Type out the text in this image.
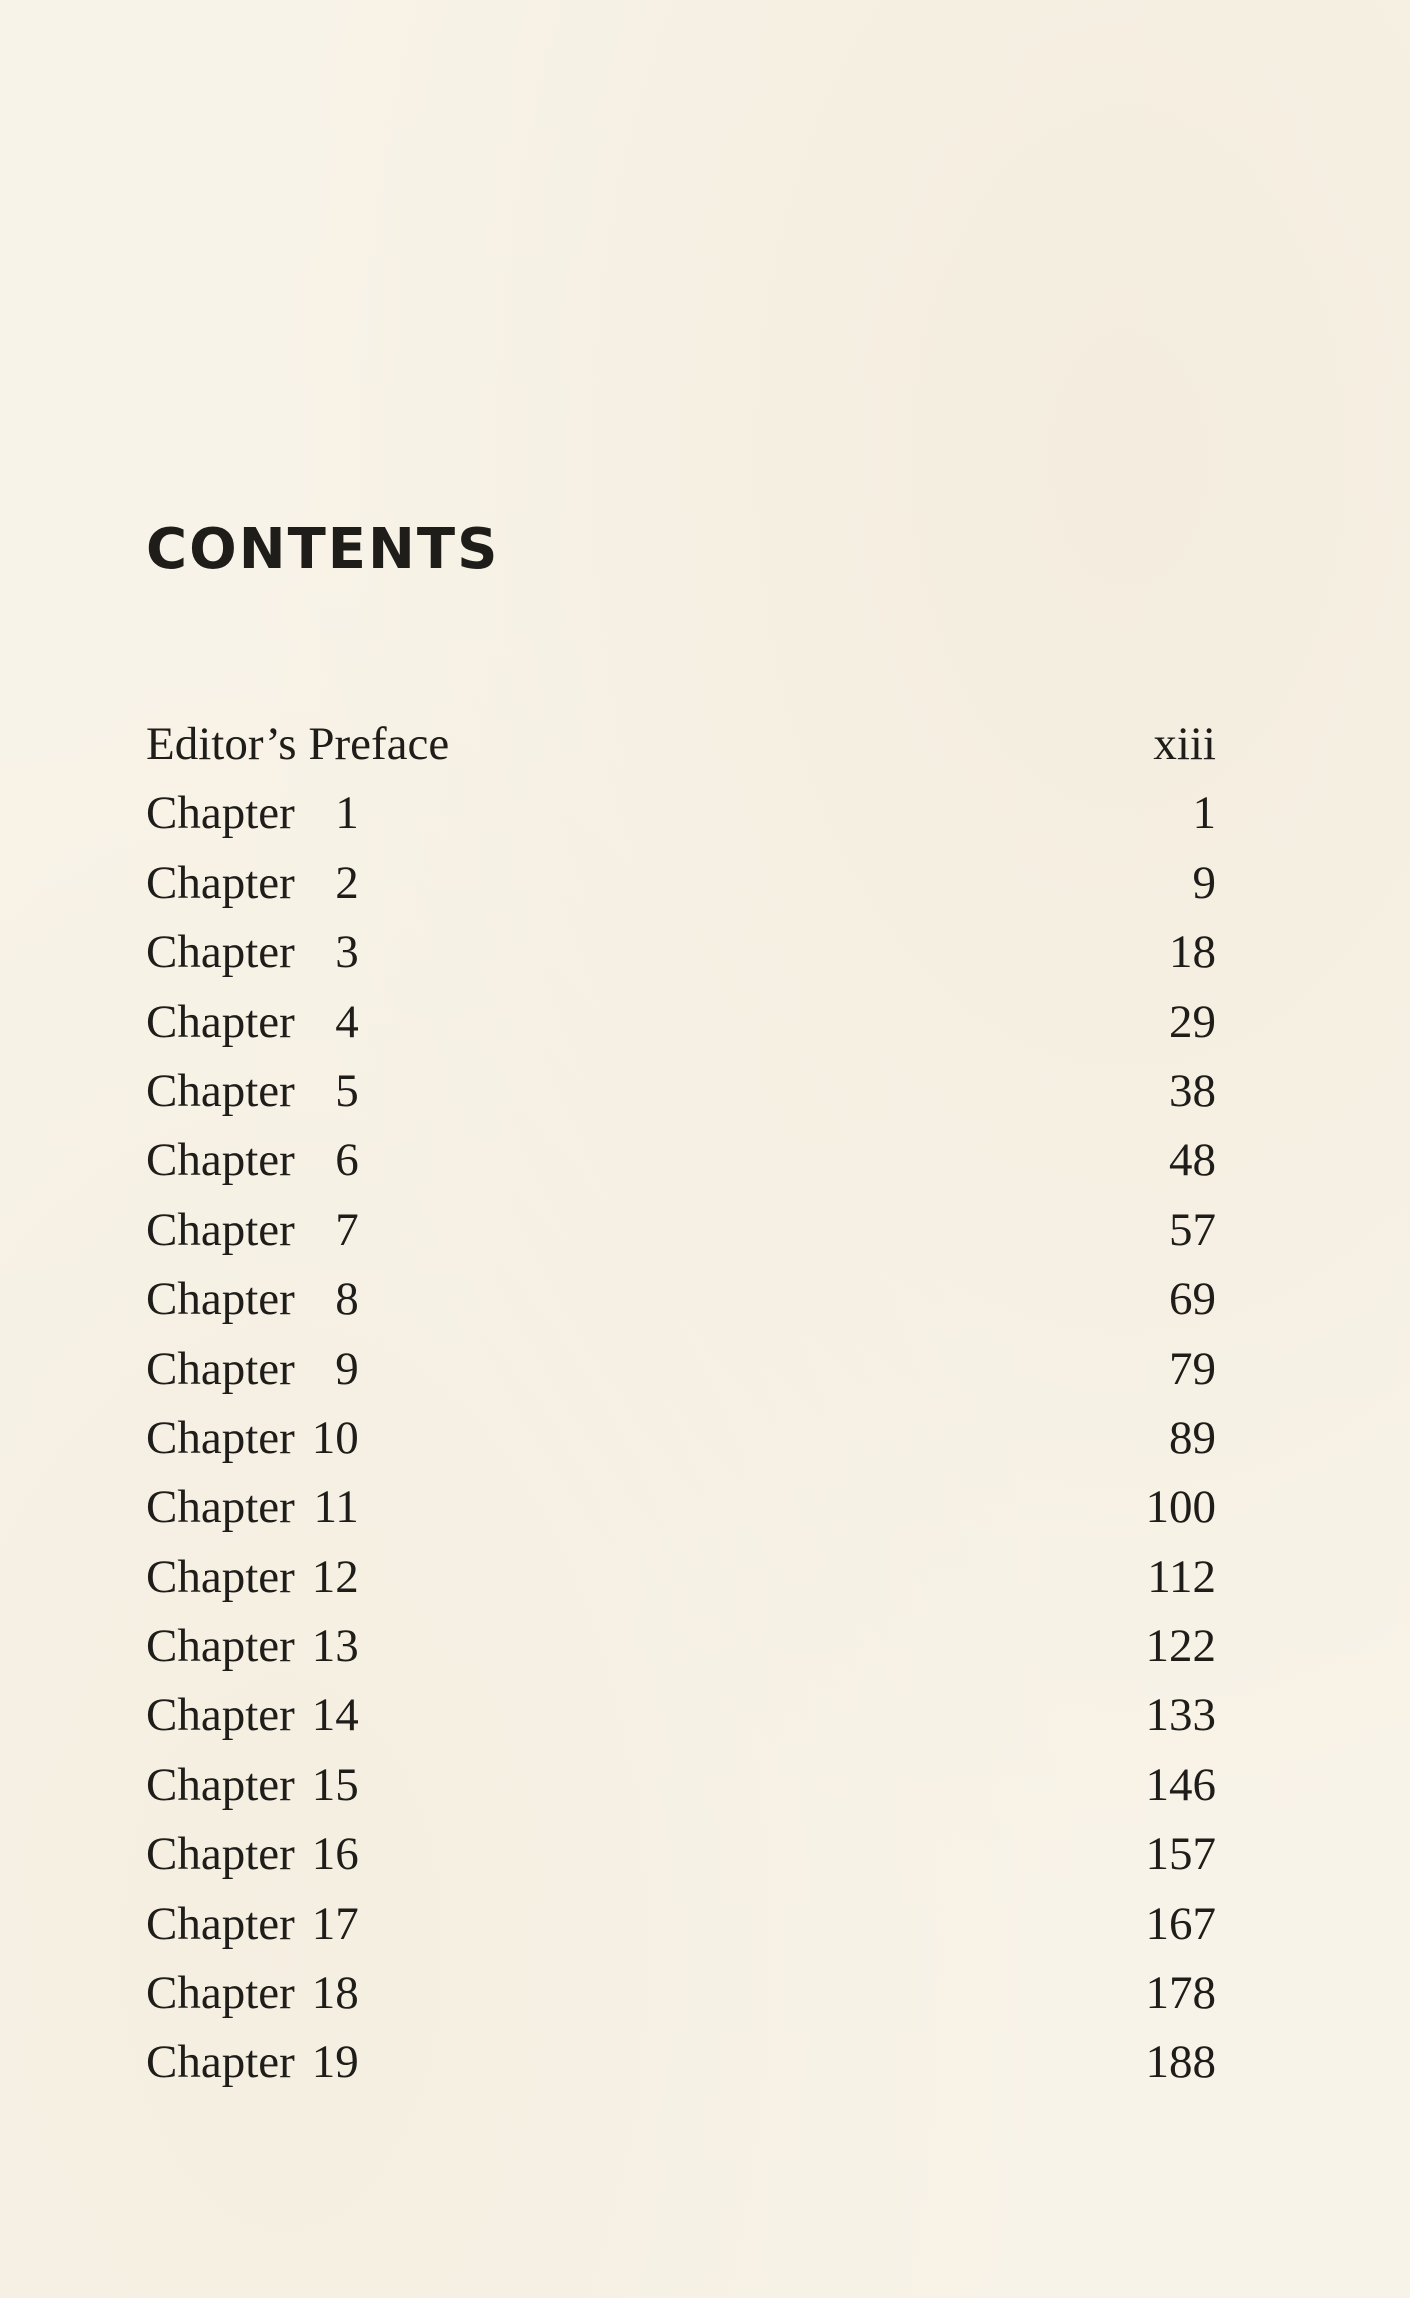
CONTENTS
Editor’s Preface	xiii
Chapter 1	1
Chapter 2	9
Chapter 3	18
Chapter 4	29
Chapter 5	38
Chapter 6	48
Chapter 7	57
Chapter 8	69
Chapter 9	79
Chapter 10	89
Chapter 11	100
Chapter 12	112
Chapter 13	122
Chapter 14	133
Chapter 15	146
Chapter 16	157
Chapter 17	167
Chapter 18	178
Chapter 19	188
